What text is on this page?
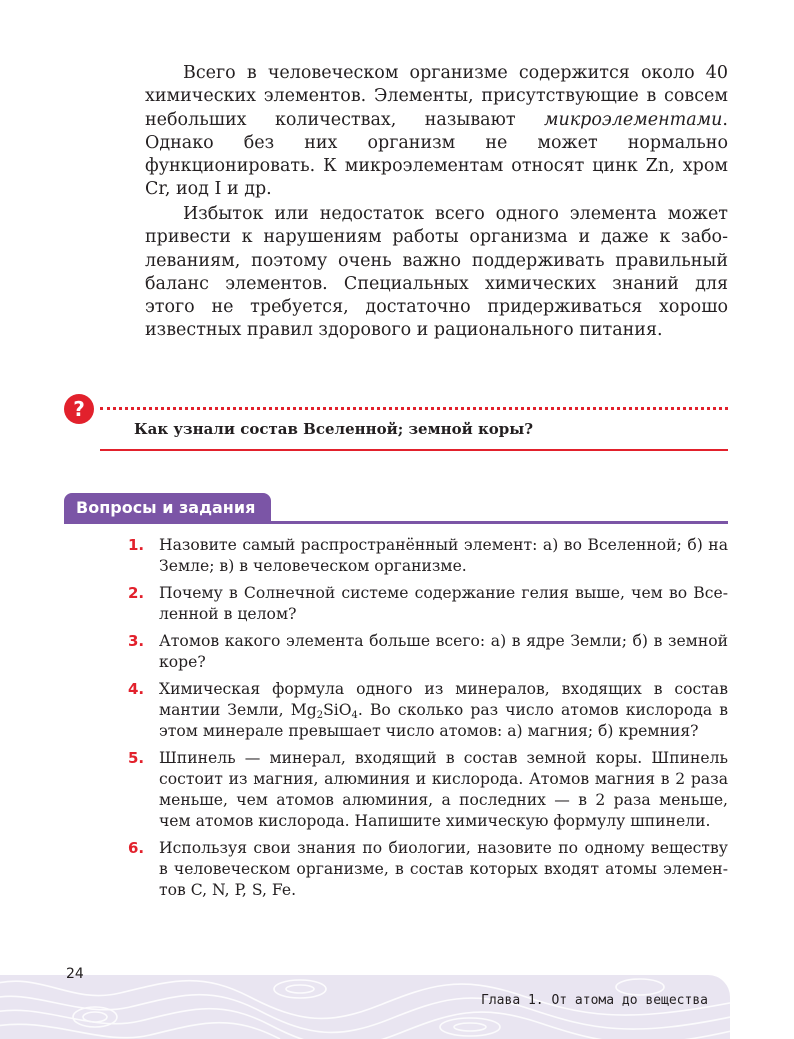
Всего в человеческом организме содержится около 40 химических элементов. Элементы, присутствующие в совсем небольших количествах, называют микроэлементами. Однако без них организм не может нормально функционировать. К микроэлементам относят цинк Zn, хром Cr, иод I и др.

Избыток или недостаток всего одного элемента может привести к нарушениям работы организма и даже к заболеваниям, поэтому очень важно поддерживать правильный баланс элементов. Специальных химических знаний для этого не требуется, достаточно придерживаться хорошо известных правил здорового и рационального питания.

?
Как узнали состав Вселенной; земной коры?
Вопросы и задания
1. Назовите самый распространённый элемент: а) во Вселенной; б) на Земле; в) в человеческом организме.
2. Почему в Солнечной системе содержание гелия выше, чем во Вселенной в целом?
3. Атомов какого элемента больше всего: а) в ядре Земли; б) в земной коре?
4. Химическая формула одного из минералов, входящих в состав мантии Земли, $Mg_2SiO_4$. Во сколько раз число атомов кислорода в этом минерале превышает число атомов: а) магния; б) кремния?
5. Шпинель — минерал, входящий в состав земной коры. Шпинель состоит из магния, алюминия и кислорода. Атомов магния в 2 раза меньше, чем атомов алюминия, а последних — в 2 раза меньше, чем атомов кислорода. Напишите химическую формулу шпинели.
6. Используя свои знания по биологии, назовите по одному веществу в человеческом организме, в состав которых входят атомы элементов C, N, P, S, Fe.
24
Глава 1. От атома до вещества
